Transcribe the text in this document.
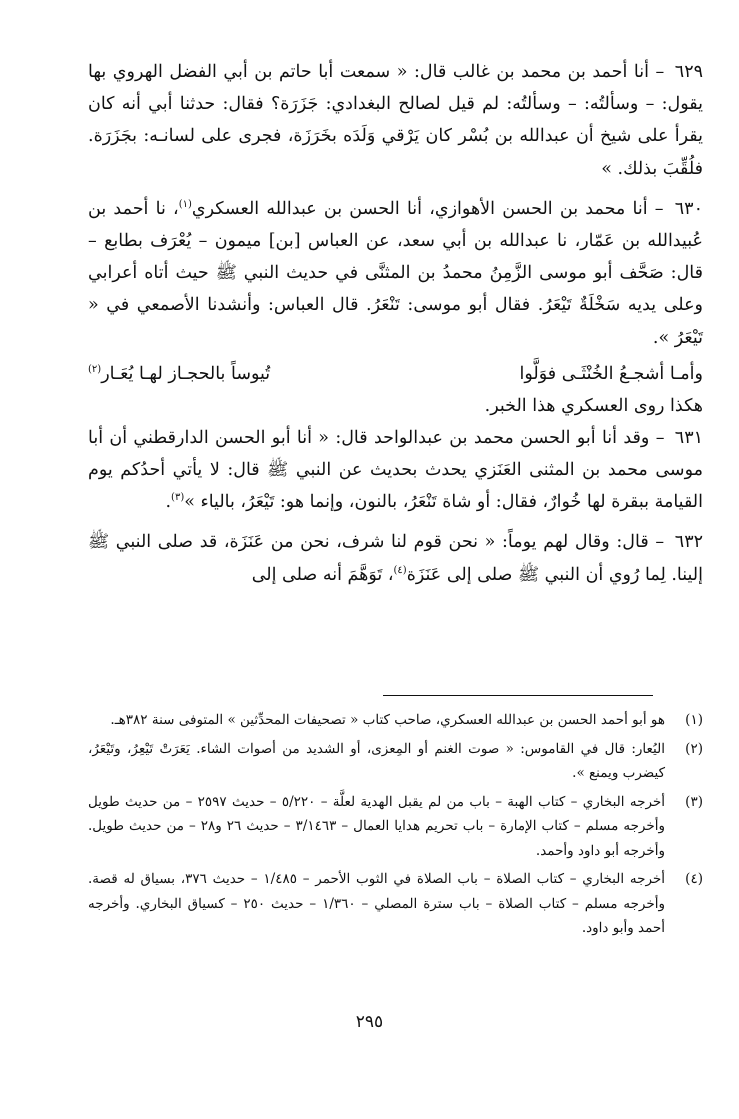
٦٢٩ – أنا أحمد بن محمد بن غالب قال: « سمعت أبا حاتم بن أبي الفضل الهروي بها يقول: – وسألتُه: – وسألتُه: لم قيل لصالح البغدادي: جَزَرَة؟ فقال: حدثنا أبي أنه كان يقرأ على شيخ أن عبدالله بن بُسْر كان يَرْقي وَلَدَه بخَرَزَة، فجرى على لسانـه: بجَزَرَة. فلُقِّبَ بذلك. »

٦٣٠ – أنا محمد بن الحسن الأهوازي، أنا الحسن بن عبدالله العسكري$^{(١)}$، نا أحمد بن عُبيدالله بن عَمّار، نا عبدالله بن أبي سعد، عن العباس [بن] ميمون – يُعْرَف بطابع – قال: صَحَّف أبو موسى الزَّمِنُ محمدُ بن المثنَّى في حديث النبي ﷺ حيث أتاه أعرابي وعلى يديه سَخْلَةٌ تَيْعَرُ. فقال أبو موسى: تَنْعَرُ. قال العباس: وأنشدنا الأصمعي في « تَيْعَرُ ».

وأمـا أشجـعُ الخُنْثَـى فوَلَّوا
تُيوساً بالحجـاز لهـا يُعَـار$^{(٢)}$

هكذا روى العسكري هذا الخبر.

٦٣١ – وقد أنا أبو الحسن محمد بن عبدالواحد قال: « أنا أبو الحسن الدارقطني أن أبا موسى محمد بن المثنى العَنَزي يحدث بحديث عن النبي ﷺ قال: لا يأتي أحدُكم يوم القيامة ببقرة لها خُوارٌ، فقال: أو شاة تَنْعَرُ، بالنون، وإنما هو: تَيْعَرُ، بالياء »$^{(٣)}$.

٦٣٢ – قال: وقال لهم يوماً: « نحن قوم لنا شرف، نحن من عَنَزَة، قد صلى النبي ﷺ إلينا. لِما رُوي أن النبي ﷺ صلى إلى عَنَزَة$^{(٤)}$، تَوَهَّمَ أنه صلى إلى

(١)
هو أبو أحمد الحسن بن عبدالله العسكري، صاحب كتاب « تصحيفات المحدِّثين » المتوفى سنة ٣٨٢هـ.
(٢)
اليُعار: قال في القاموس: « صوت الغنم أو المِعزى، أو الشديد من أصوات الشاء. يَعَرَتْ تَيْعِرُ، وتَيْعَرُ، كيضرب ويمنع ».
(٣)
أخرجه البخاري – كتاب الهبة – باب من لم يقبل الهدية لعلَّة – ٥/٢٢٠ – حديث ٢٥٩٧ – من حديث طويل وأخرجه مسلم – كتاب الإمارة – باب تحريم هدايا العمال – ٣/١٤٦٣ – حديث ٢٦ و٢٨ – من حديث طويل. وأخرجه أبو داود وأحمد.
(٤)
أخرجه البخاري – كتاب الصلاة – باب الصلاة في الثوب الأحمر – ١/٤٨٥ – حديث ٣٧٦، بسياق له قصة. وأخرجه مسلم – كتاب الصلاة – باب سترة المصلي – ١/٣٦٠ – حديث ٢٥٠ – كسياق البخاري. وأخرجه أحمد وأبو داود.
٢٩٥
